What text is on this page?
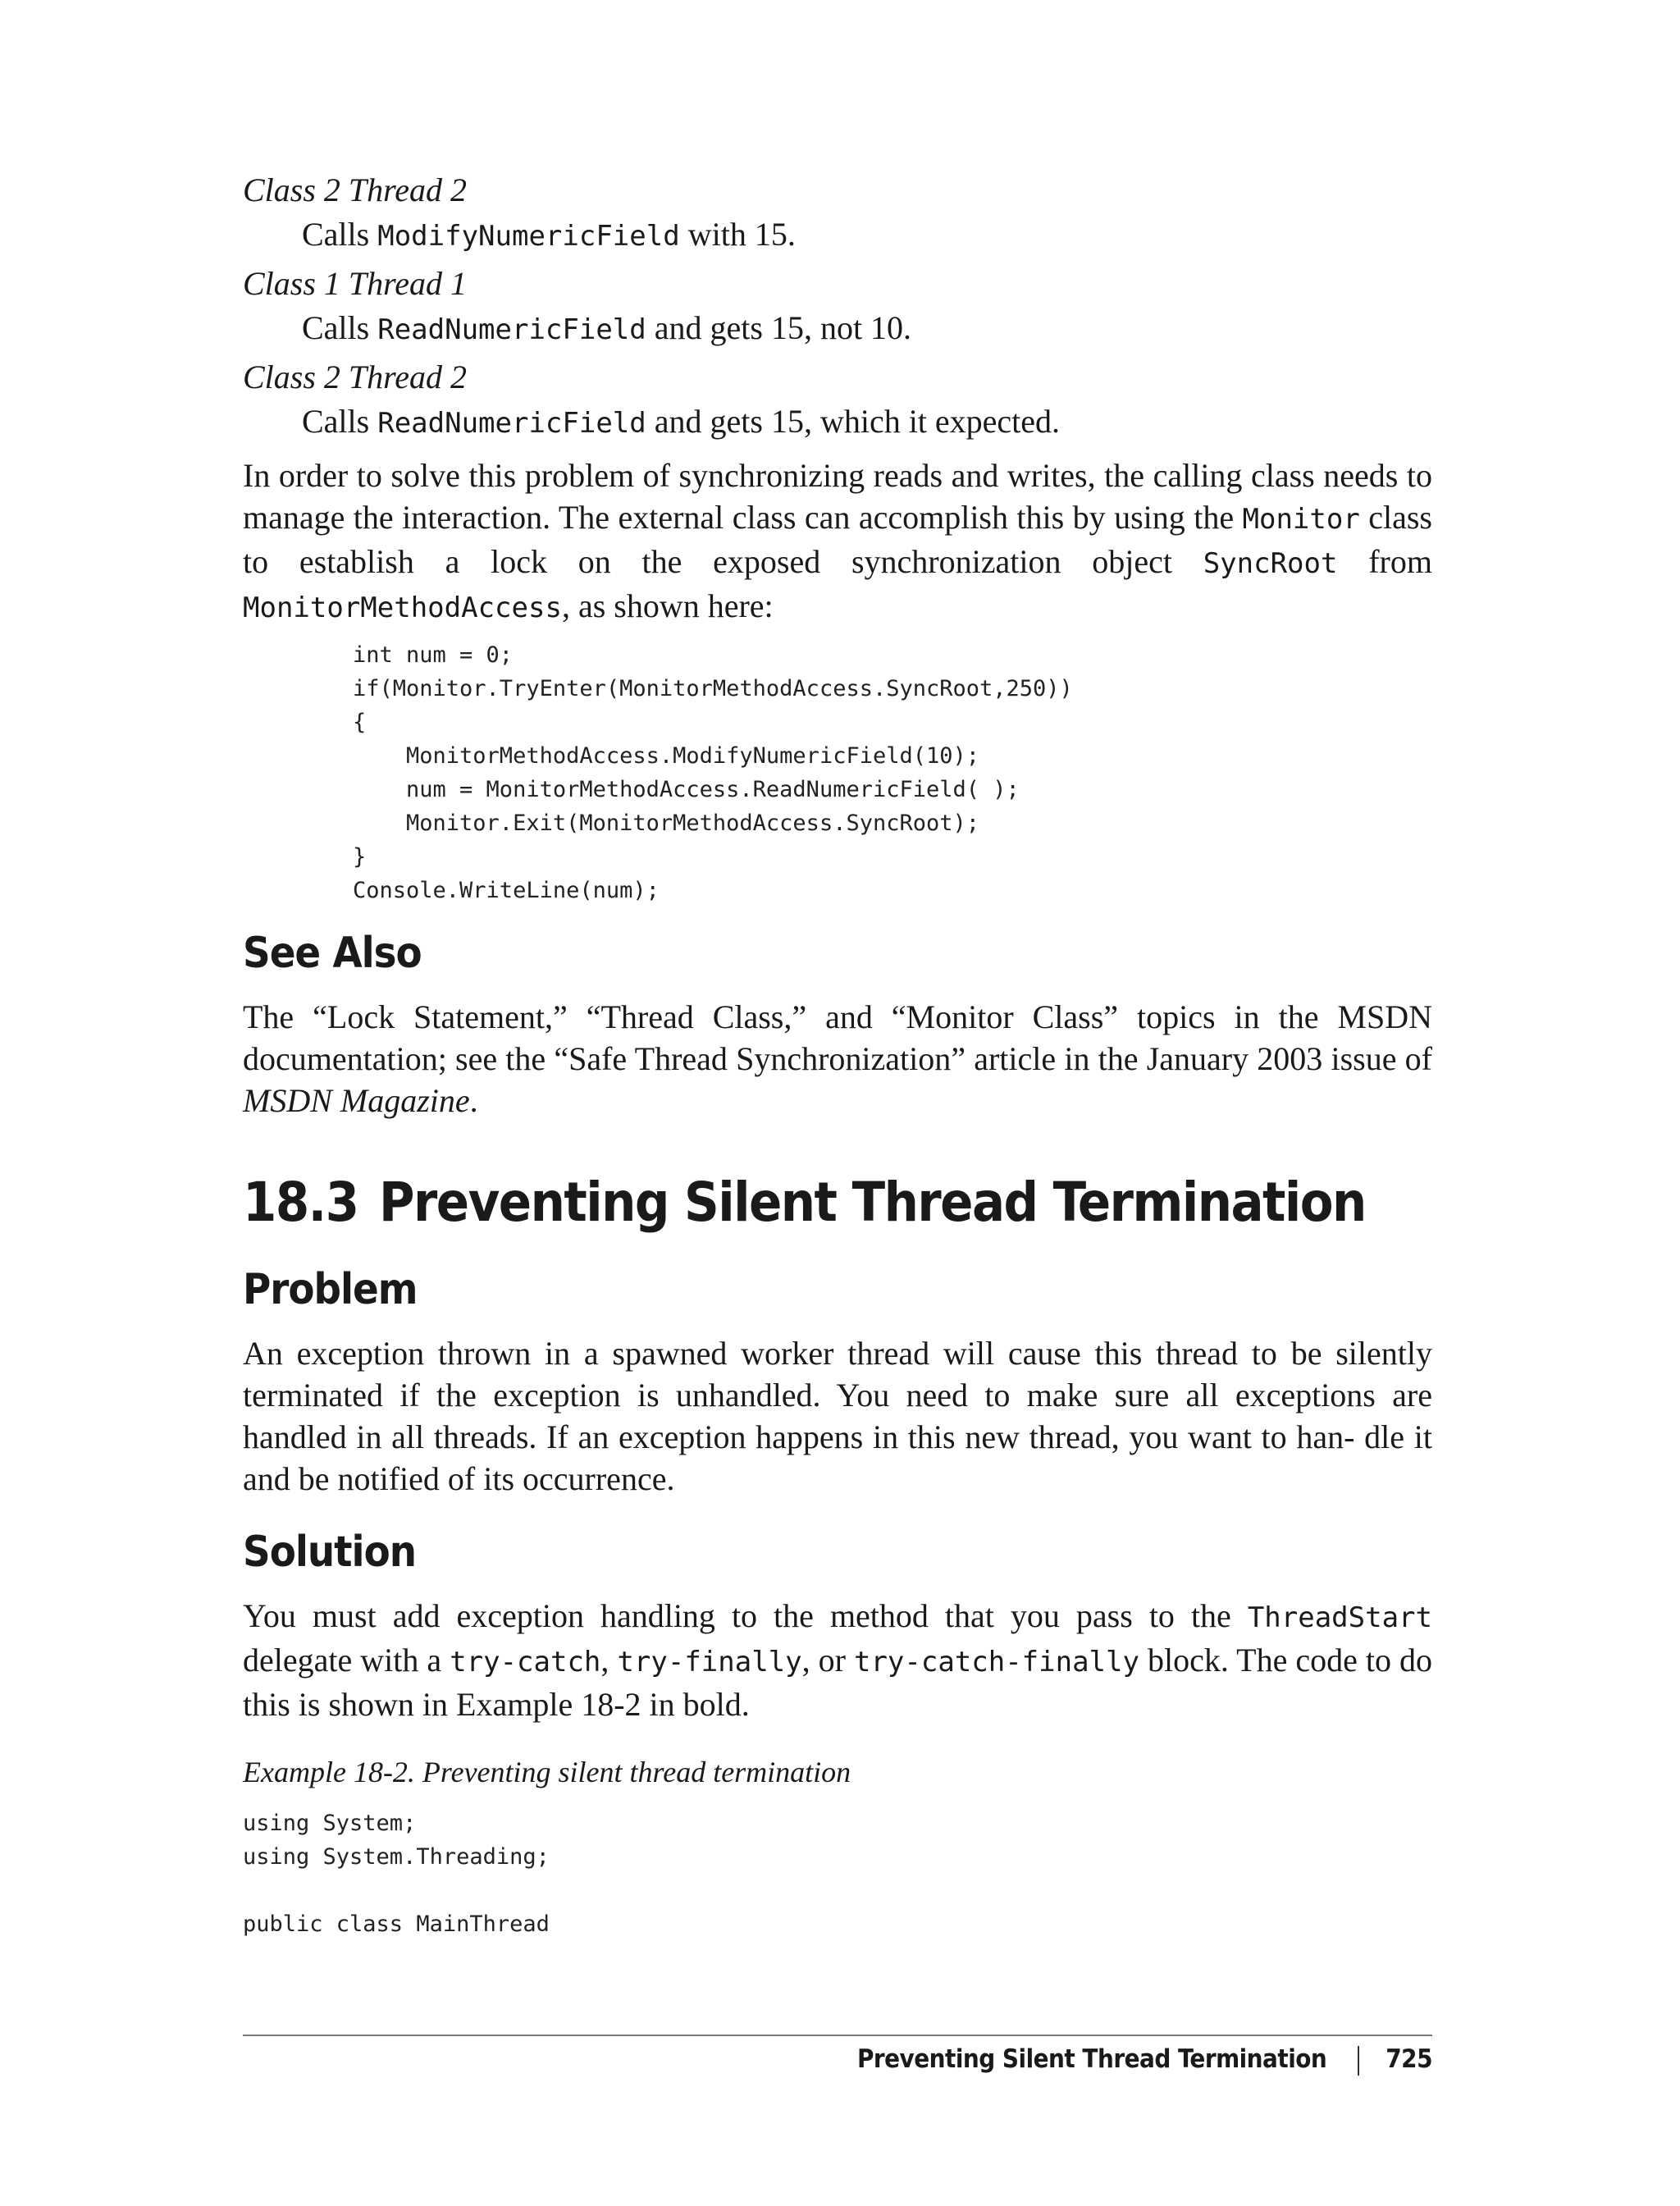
Class 2 Thread 2
Calls ModifyNumericField with 15.
Class 1 Thread 1
Calls ReadNumericField and gets 15, not 10.
Class 2 Thread 2
Calls ReadNumericField and gets 15, which it expected.
In order to solve this problem of synchronizing reads and writes, the calling class needs to manage the interaction. The external class can accomplish this by using the Monitor class to establish a lock on the exposed synchronization object SyncRoot from MonitorMethodAccess, as shown here:
int num = 0;
if(Monitor.TryEnter(MonitorMethodAccess.SyncRoot,250))
{
MonitorMethodAccess.ModifyNumericField(10);
num = MonitorMethodAccess.ReadNumericField( );
Monitor.Exit(MonitorMethodAccess.SyncRoot);
}
Console.WriteLine(num);
See Also
The “Lock Statement,” “Thread Class,” and “Monitor Class” topics in the MSDN documentation; see the “Safe Thread Synchronization” article in the January 2003 issue of MSDN Magazine.
18.3 Preventing Silent Thread Termination
Problem
An exception thrown in a spawned worker thread will cause this thread to be silently terminated if the exception is unhandled. You need to make sure all exceptions are handled in all threads. If an exception happens in this new thread, you want to han- dle it and be notified of its occurrence.
Solution
You must add exception handling to the method that you pass to the ThreadStart delegate with a try-catch, try-finally, or try-catch-finally block. The code to do this is shown in Example 18-2 in bold.
Example 18-2. Preventing silent thread termination
using System;
using System.Threading;

public class MainThread
Preventing Silent Thread Termination 725
